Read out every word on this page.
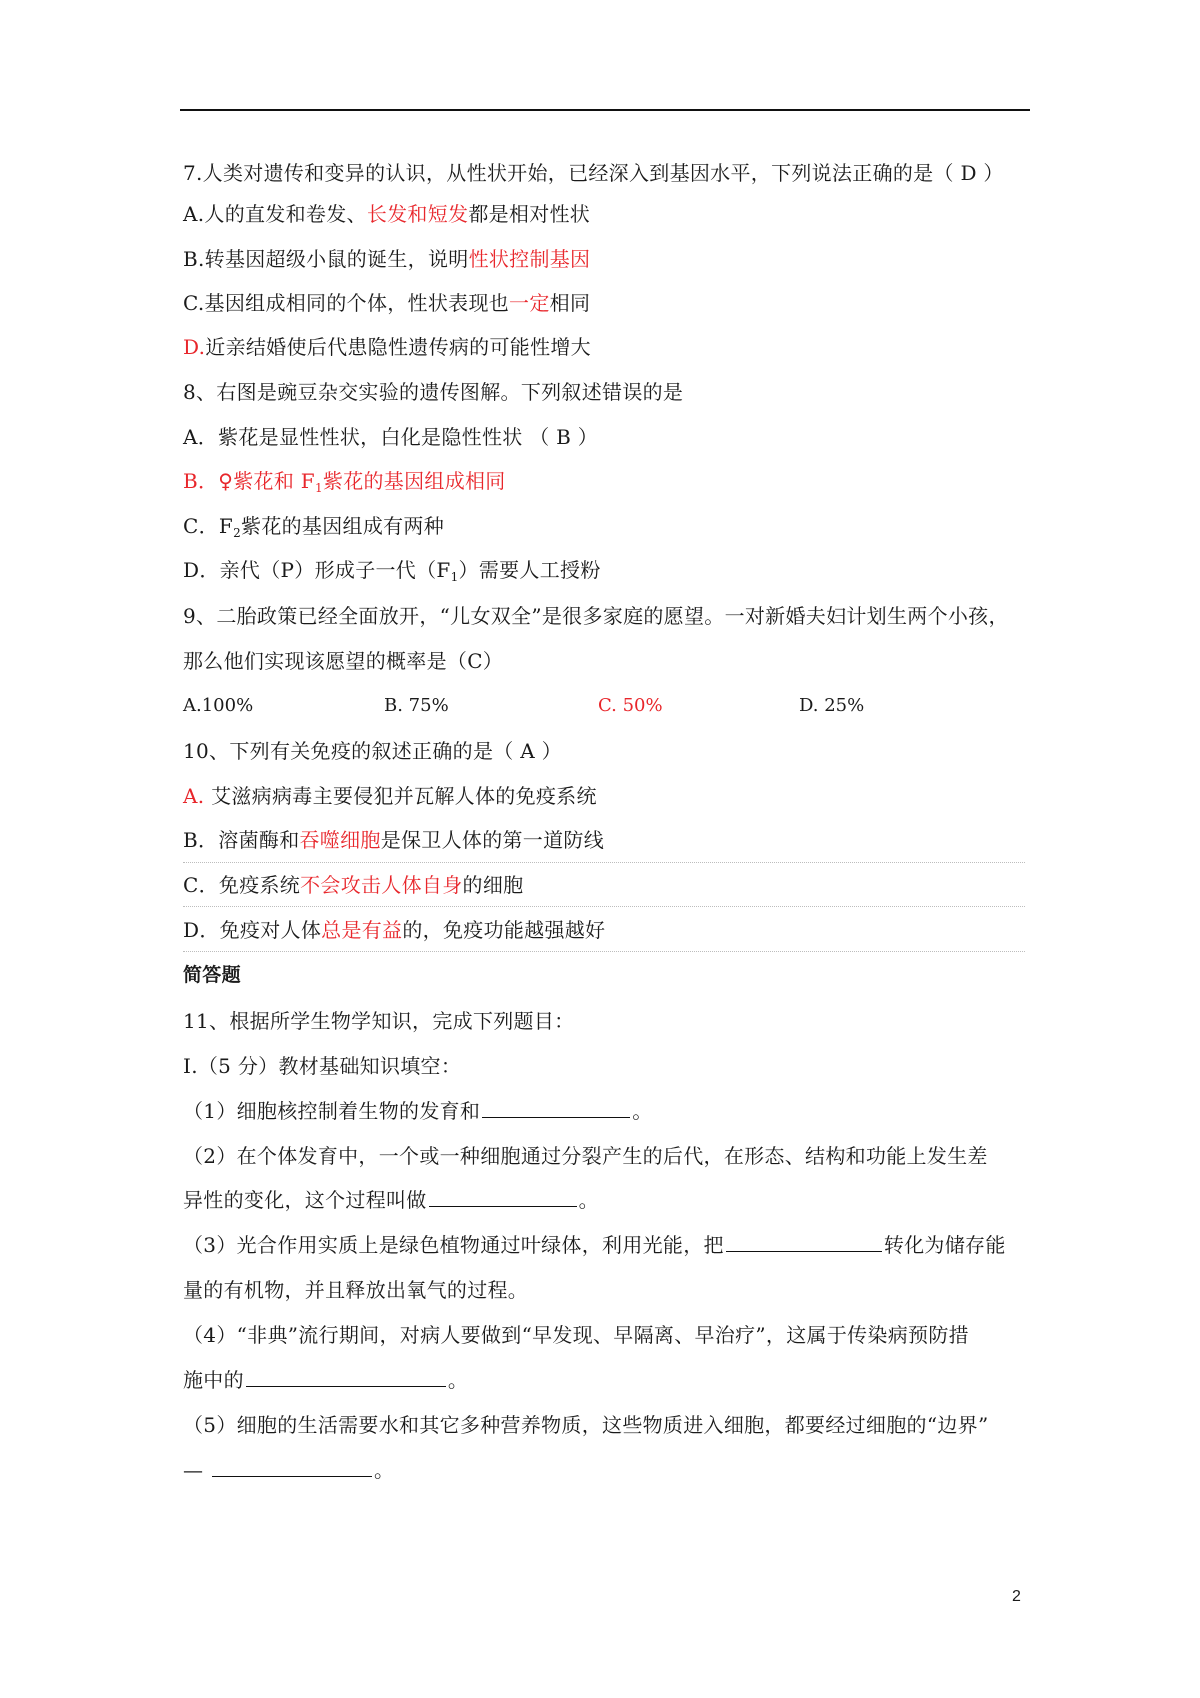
7.人类对遗传和变异的认识，从性状开始，已经深入到基因水平，下列说法正确的是（ D ）
A.人的直发和卷发、长发和短发都是相对性状
B.转基因超级小鼠的诞生，说明性状控制基因
C.基因组成相同的个体，性状表现也一定相同
D.近亲结婚使后代患隐性遗传病的可能性增大
8、右图是豌豆杂交实验的遗传图解。下列叙述错误的是
A．紫花是显性性状，白化是隐性性状 （ B ）
B．♀紫花和 $F_1$紫花的基因组成相同
C．$F_2$紫花的基因组成有两种
D．亲代（P）形成子一代$(F_1)$需要人工授粉
9、二胎政策已经全面放开，“儿女双全”是很多家庭的愿望。一对新婚夫妇计划生两个小孩，
那么他们实现该愿望的概率是（C）
A.100%	B. 75%	C. 50%	D. 25%
10、下列有关免疫的叙述正确的是（ A ）
A. 艾滋病病毒主要侵犯并瓦解人体的免疫系统
B．溶菌酶和吞噬细胞是保卫人体的第一道防线
C．免疫系统不会攻击人体自身的细胞
D．免疫对人体总是有益的，免疫功能越强越好
简答题
11、根据所学生物学知识，完成下列题目：
Ⅰ.（5 分）教材基础知识填空：
（1）细胞核控制着生物的发育和	。
（2）在个体发育中，一个或一种细胞通过分裂产生的后代，在形态、结构和功能上发生差
异性的变化，这个过程叫做	。
（3）光合作用实质上是绿色植物通过叶绿体，利用光能，把	转化为储存能
量的有机物，并且释放出氧气的过程。
（4）“非典”流行期间，对病人要做到“早发现、早隔离、早治疗”，这属于传染病预防措
施中的	。
（5）细胞的生活需要水和其它多种营养物质，这些物质进入细胞，都要经过细胞的“边界”
—	。
2
